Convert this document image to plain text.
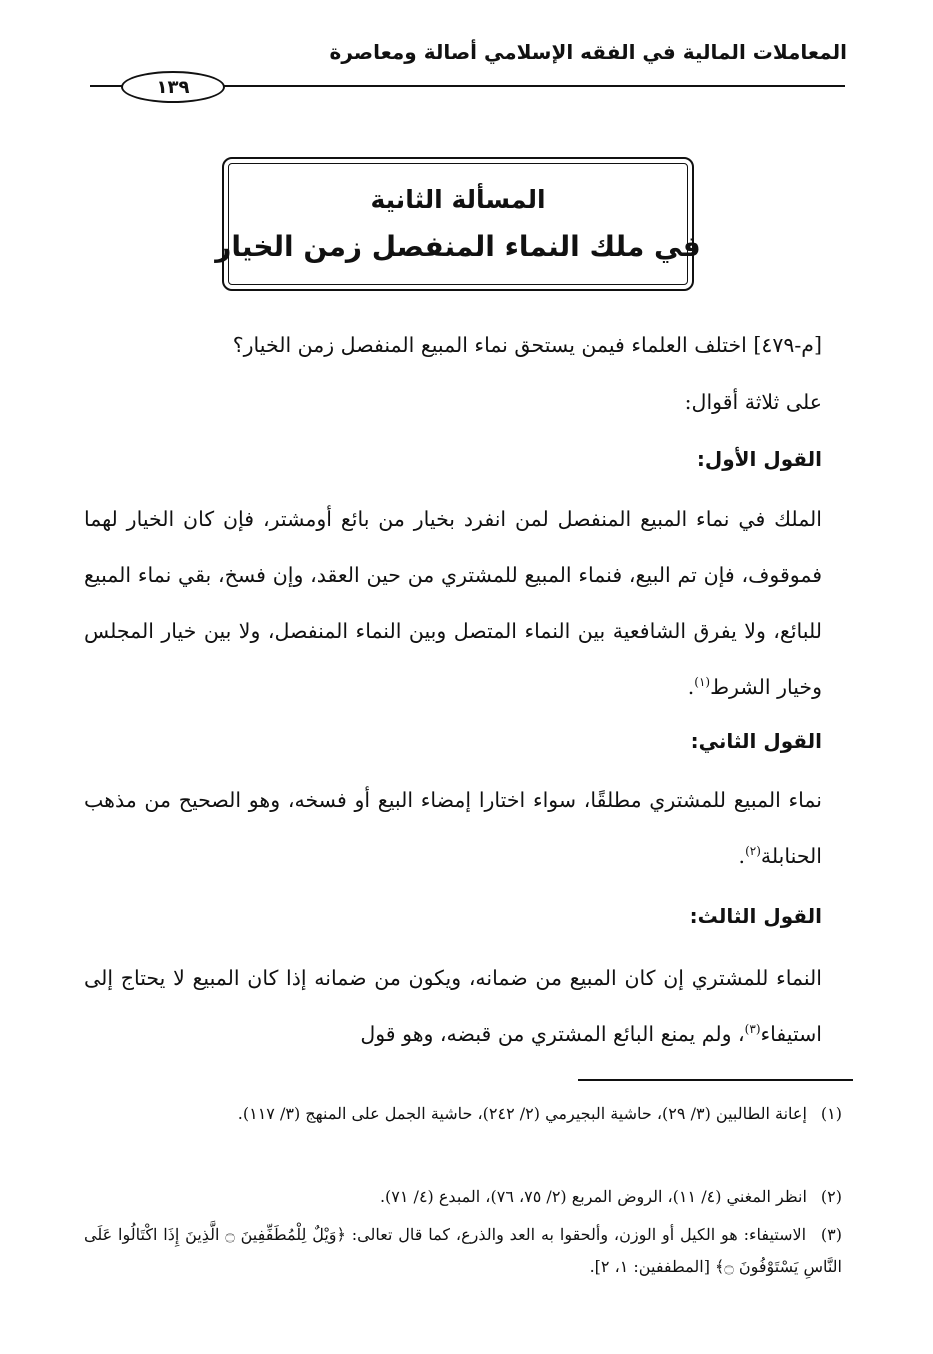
المعاملات المالية في الفقه الإسلامي أصالة ومعاصرة
١٣٩
المسألة الثانية
في ملك النماء المنفصل زمن الخيار
[م-٤٧٩] اختلف العلماء فيمن يستحق نماء المبيع المنفصل زمن الخيار؟
على ثلاثة أقوال:
القول الأول:
الملك في نماء المبيع المنفصل لمن انفرد بخيار من بائع أومشتر، فإن كان الخيار لهما فموقوف، فإن تم البيع، فنماء المبيع للمشتري من حين العقد، وإن فسخ، بقي نماء المبيع للبائع، ولا يفرق الشافعية بين النماء المتصل وبين النماء المنفصل، ولا بين خيار المجلس وخيار الشرط$^{(١)}$.
القول الثاني:
نماء المبيع للمشتري مطلقًا، سواء اختارا إمضاء البيع أو فسخه، وهو الصحيح من مذهب الحنابلة$^{(٢)}$.
القول الثالث:
النماء للمشتري إن كان المبيع من ضمانه، ويكون من ضمانه إذا كان المبيع لا يحتاج إلى استيفاء$^{(٣)}$، ولم يمنع البائع المشتري من قبضه، وهو قول
(١) إعانة الطالبين (٣/ ٢٩)، حاشية البجيرمي (٢/ ٢٤٢)، حاشية الجمل على المنهج (٣/ ١١٧).
(٢) انظر المغني (٤/ ١١)، الروض المربع (٢/ ٧٥، ٧٦)، المبدع (٤/ ٧١).
(٣) الاستيفاء: هو الكيل أو الوزن، وألحقوا به العد والذرع، كما قال تعالى: ﴿وَيْلٌ لِلْمُطَفِّفِينَ ۝ الَّذِينَ إِذَا اكْتَالُوا عَلَى النَّاسِ يَسْتَوْفُونَ ۝﴾ [المطففين: ١، ٢].
